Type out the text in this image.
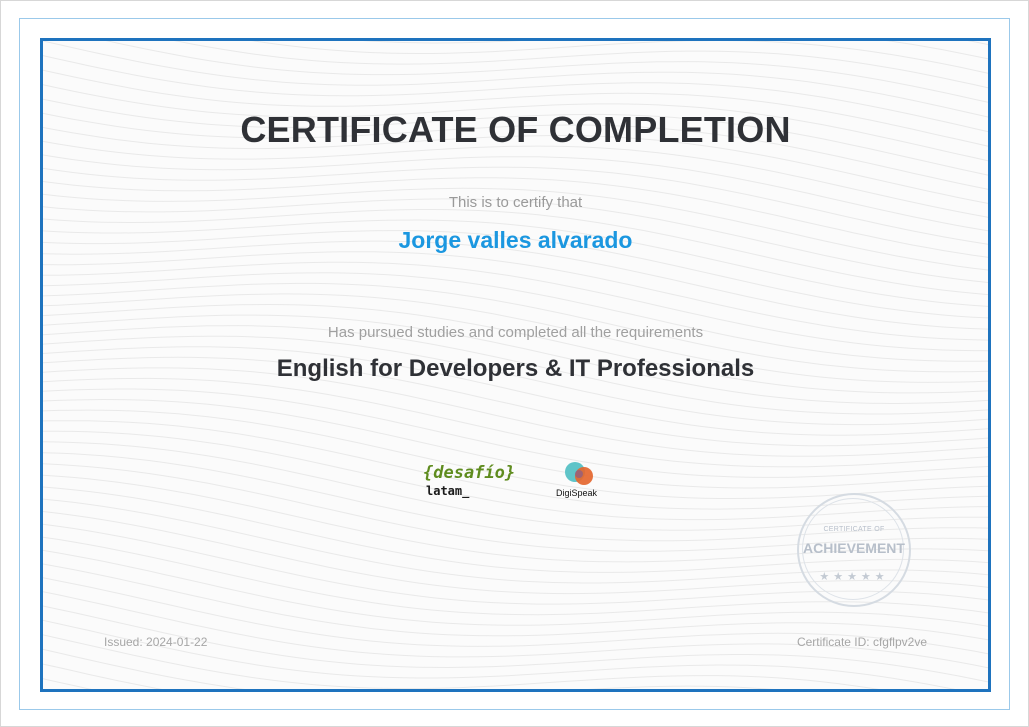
CERTIFICATE OF COMPLETION
This is to certify that
Jorge valles alvarado
Has pursued studies and completed all the requirements
English for Developers & IT Professionals
{desafío}
latam_	DigiSpeak
CERTIFICATE OF
ACHIEVEMENT
★★★★★
Issued: 2024-01-22	Certificate ID: cfgflpv2ve
